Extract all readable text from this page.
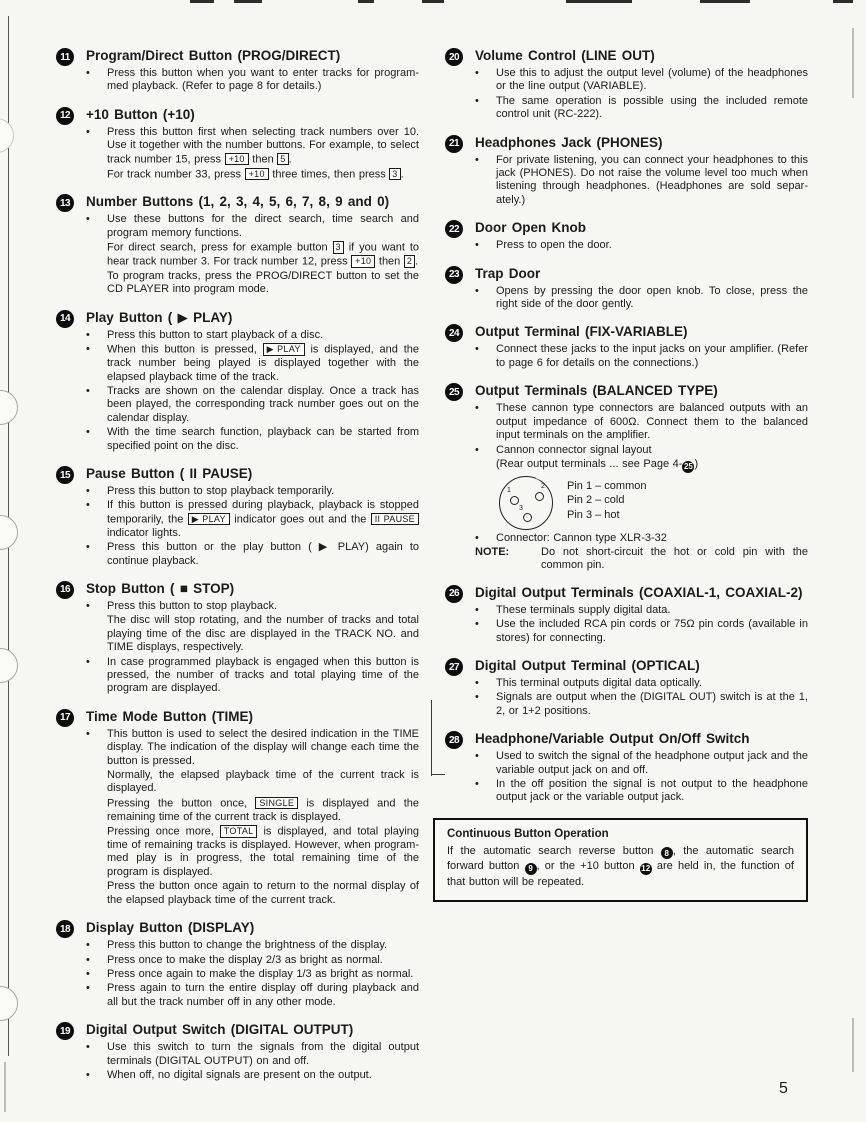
11	Program/Direct Button (PROG/DIRECT)
•	Press this button when you want to enter tracks for program-med playback. (Refer to page 8 for details.)
12 +10 Button (+10)
•	Press this button first when selecting track numbers over 10. Use it together with the number buttons. For example, to select track number 15, press +10 then 5 .
For track number 33, press +10 three times, then press 3 .
13 Number Buttons (1, 2, 3, 4, 5, 6, 7, 8, 9 and 0)
•	Use these buttons for the direct search, time search and program memory functions.
For direct search, press for example button 3 if you want to hear track number 3. For track number 12, press +10 then 2 .
To program tracks, press the PROG/DIRECT button to set the CD PLAYER into program mode.
14 Play Button ( ▶ PLAY)
•	Press this button to start playback of a disc.
•	When this button is pressed, ▶ PLAY is displayed, and the track number being played is displayed together with the elapsed playback time of the track.
•	Tracks are shown on the calendar display. Once a track has been played, the corresponding track number goes out on the calendar display.
•	With the time search function, playback can be started from specified point on the disc.
15 Pause Button ( II PAUSE)
•	Press this button to stop playback temporarily.
•	If this button is pressed during playback, playback is stopped temporarily, the ▶ PLAY indicator goes out and the II PAUSE indicator lights.
•	Press this button or the play button ( ▶ PLAY) again to continue playback.
16 Stop Button ( ■ STOP)
•	Press this button to stop playback.
The disc will stop rotating, and the number of tracks and total playing time of the disc are displayed in the TRACK NO. and TIME displays, respectively.
•	In case programmed playback is engaged when this button is pressed, the number of tracks and total playing time of the program are displayed.
17 Time Mode Button (TIME)
•	This button is used to select the desired indication in the TIME display. The indication of the display will change each time the button is pressed.
Normally, the elapsed playback time of the current track is displayed.
Pressing the button once, SINGLE is displayed and the remaining time of the current track is displayed.
Pressing once more, TOTAL is displayed, and total playing time of remaining tracks is displayed. However, when program-med play is in progress, the total remaining time of the program is displayed.
Press the button once again to return to the normal display of the elapsed playback time of the current track.
18 Display Button (DISPLAY)
•	Press this button to change the brightness of the display.
•	Press once to make the display 2/3 as bright as normal.
•	Press once again to make the display 1/3 as bright as normal.
•	Press again to turn the entire display off during playback and all but the track number off in any other mode.
19 Digital Output Switch (DIGITAL OUTPUT)
•	Use this switch to turn the signals from the digital output terminals (DIGITAL OUTPUT) on and off.
•	When off, no digital signals are present on the output.
20 Volume Control (LINE OUT)
•	Use this to adjust the output level (volume) of the headphones or the line output (VARIABLE).
•	The same operation is possible using the included remote control unit (RC-222).
21 Headphones Jack (PHONES)
•	For private listening, you can connect your headphones to this jack (PHONES). Do not raise the volume level too much when listening through headphones. (Headphones are sold separ-ately.)
22 Door Open Knob
•	Press to open the door.
23 Trap Door
•	Opens by pressing the door open knob. To close, press the right side of the door gently.
24 Output Terminal (FIX-VARIABLE)
•	Connect these jacks to the input jacks on your amplifier. (Refer to page 6 for details on the connections.)
25 Output Terminals (BALANCED TYPE)
•	These cannon type connectors are balanced outputs with an output impedance of 600Ω. Connect them to the balanced input terminals on the amplifier.
•	Cannon connector signal layout
(Rear output terminals ... see Page 4- 25 )
1
2
3
Pin 1 – common
Pin 2 – cold
Pin 3 – hot
•	Connector: Cannon type XLR-3-32
NOTE:	Do not short-circuit the hot or cold pin with the common pin.
26 Digital Output Terminals (COAXIAL-1, COAXIAL-2)
•	These terminals supply digital data.
•	Use the included RCA pin cords or 75Ω pin cords (available in stores) for connecting.
27 Digital Output Terminal (OPTICAL)
•	This terminal outputs digital data optically.
•	Signals are output when the (DIGITAL OUT) switch is at the 1, 2, or 1+2 positions.
28 Headphone/Variable Output On/Off Switch
•	Used to switch the signal of the headphone output jack and the variable output jack on and off.
•	In the off position the signal is not output to the headphone output jack or the variable output jack.
Continuous Button Operation
If the automatic search reverse button 8 , the automatic search forward button 9 , or the +10 button 12 are held in, the function of that button will be repeated.
5
